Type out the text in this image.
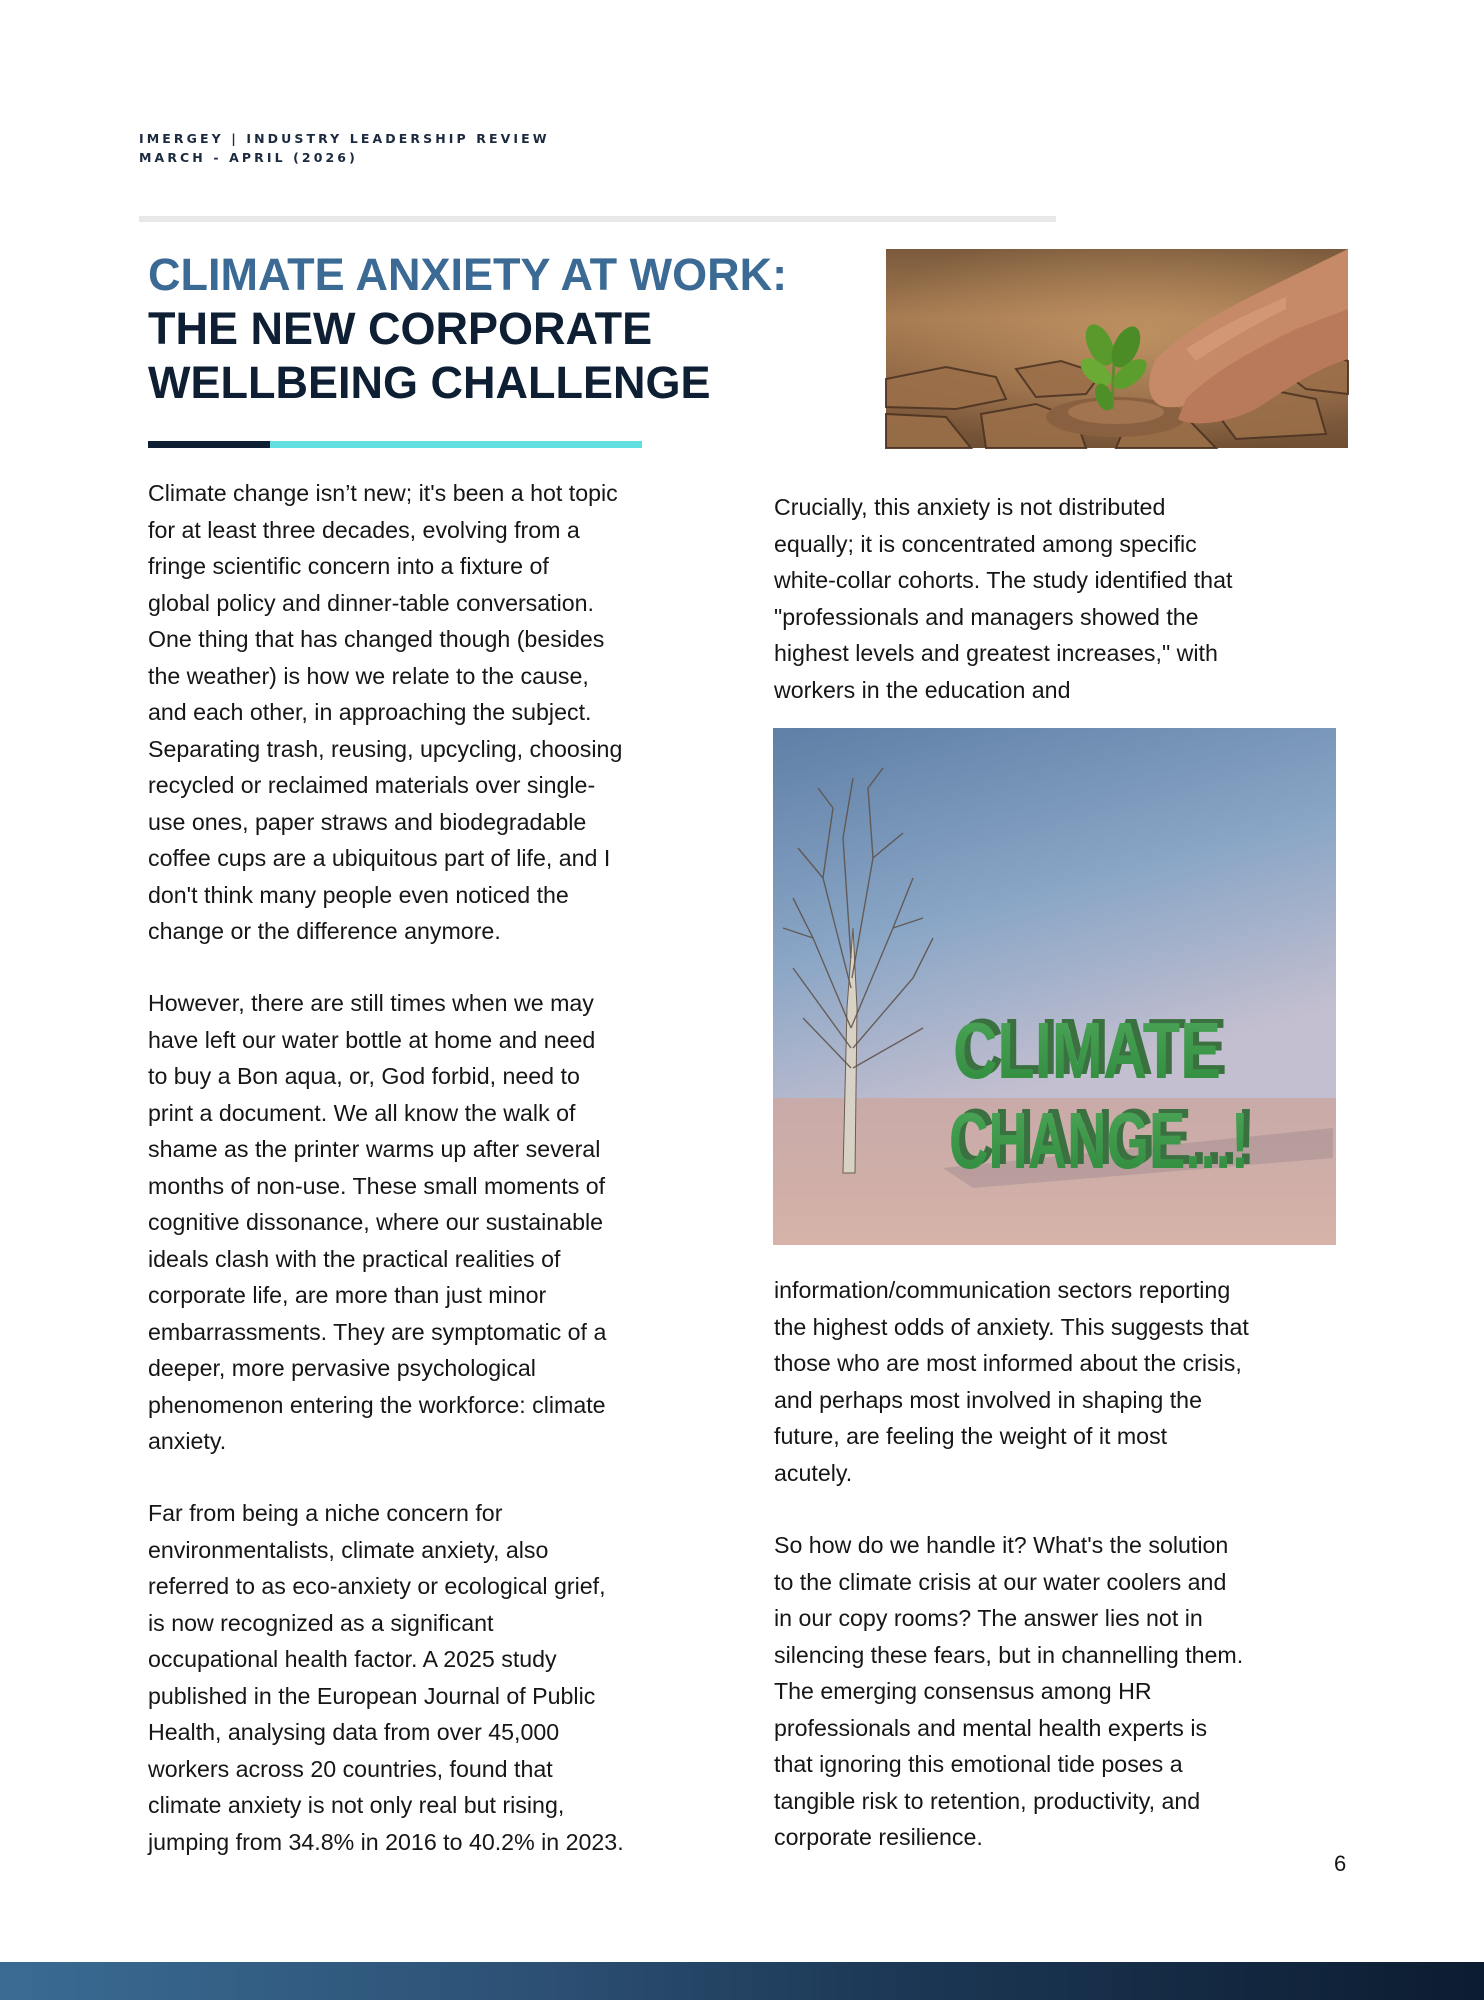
IMERGEY | INDUSTRY LEADERSHIP REVIEW
MARCH - APRIL (2026)
CLIMATE ANXIETY AT WORK:
THE NEW CORPORATE
WELLBEING CHALLENGE
Climate change isn’t new; it's been a hot topic
for at least three decades, evolving from a
fringe scientific concern into a fixture of
global policy and dinner-table conversation.
One thing that has changed though (besides
the weather) is how we relate to the cause,
and each other, in approaching the subject.
Separating trash, reusing, upcycling, choosing
recycled or reclaimed materials over single-
use ones, paper straws and biodegradable
coffee cups are a ubiquitous part of life, and I
don't think many people even noticed the
change or the difference anymore.
However, there are still times when we may
have left our water bottle at home and need
to buy a Bon aqua, or, God forbid, need to
print a document. We all know the walk of
shame as the printer warms up after several
months of non-use. These small moments of
cognitive dissonance, where our sustainable
ideals clash with the practical realities of
corporate life, are more than just minor
embarrassments. They are symptomatic of a
deeper, more pervasive psychological
phenomenon entering the workforce: climate
anxiety.
Far from being a niche concern for
environmentalists, climate anxiety, also
referred to as eco-anxiety or ecological grief,
is now recognized as a significant
occupational health factor. A 2025 study
published in the European Journal of Public
Health, analysing data from over 45,000
workers across 20 countries, found that
climate anxiety is not only real but rising,
jumping from 34.8% in 2016 to 40.2% in 2023.
Crucially, this anxiety is not distributed
equally; it is concentrated among specific
white-collar cohorts. The study identified that
"professionals and managers showed the
highest levels and greatest increases," with
workers in the education and
CLIMATE
CHANGE...!
information/communication sectors reporting
the highest odds of anxiety. This suggests that
those who are most informed about the crisis,
and perhaps most involved in shaping the
future, are feeling the weight of it most
acutely.
So how do we handle it? What's the solution
to the climate crisis at our water coolers and
in our copy rooms? The answer lies not in
silencing these fears, but in channelling them.
The emerging consensus among HR
professionals and mental health experts is
that ignoring this emotional tide poses a
tangible risk to retention, productivity, and
corporate resilience.
6
